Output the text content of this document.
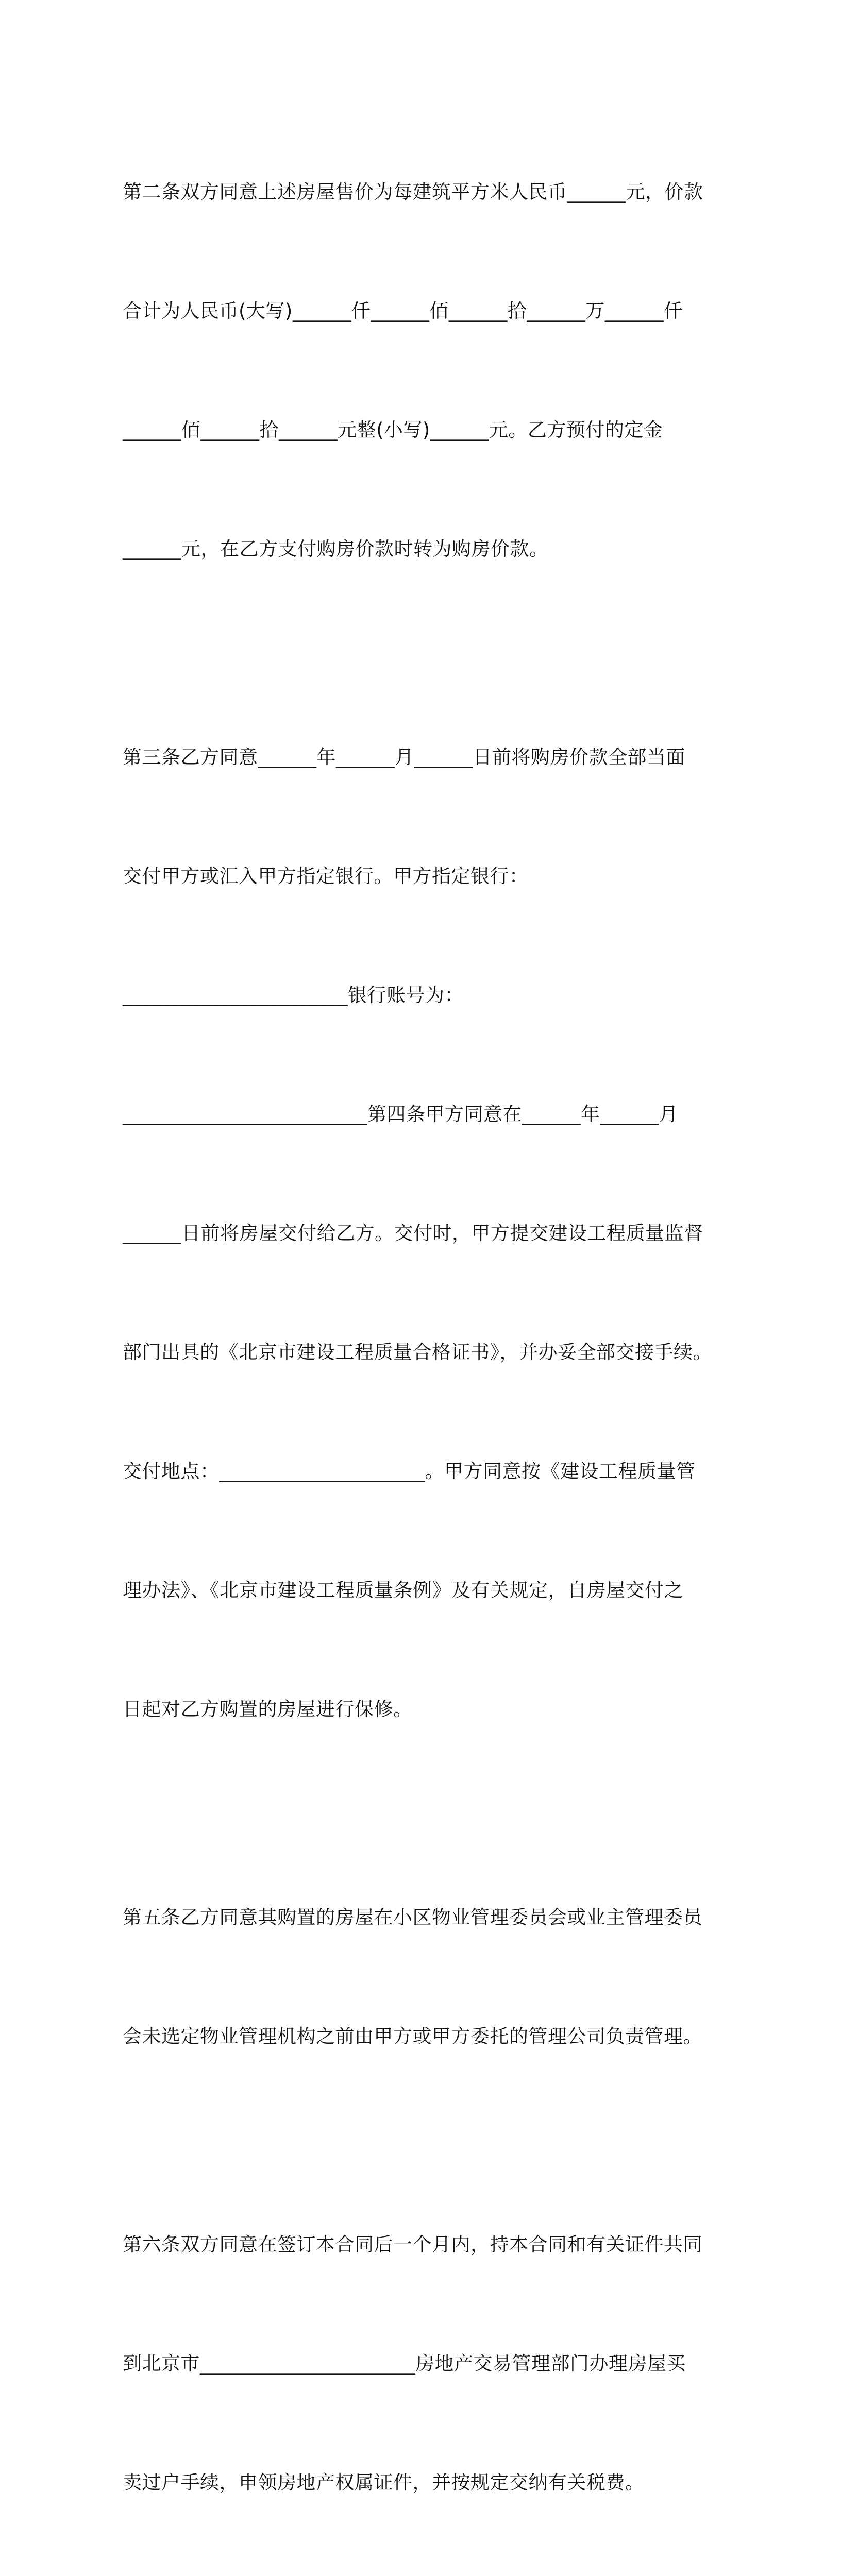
第二条双方同意上述房屋售价为每建筑平方米人民币______元，价款

合计为人民币(大写)______仟______佰______拾______万______仟

______佰______拾______元整(小写)______元。乙方预付的定金

______元，在乙方支付购房价款时转为购房价款。

第三条乙方同意______年______月______日前将购房价款全部当面

交付甲方或汇入甲方指定银行。甲方指定银行：

_______________________银行账号为：

_________________________第四条甲方同意在______年______月

______日前将房屋交付给乙方。交付时，甲方提交建设工程质量监督

部门出具的《北京市建设工程质量合格证书》，并办妥全部交接手续。

交付地点：_____________________。甲方同意按《建设工程质量管

理办法》、《北京市建设工程质量条例》及有关规定，自房屋交付之

日起对乙方购置的房屋进行保修。

第五条乙方同意其购置的房屋在小区物业管理委员会或业主管理委员

会未选定物业管理机构之前由甲方或甲方委托的管理公司负责管理。

第六条双方同意在签订本合同后一个月内，持本合同和有关证件共同

到北京市______________________房地产交易管理部门办理房屋买

卖过户手续，申领房地产权属证件，并按规定交纳有关税费。
